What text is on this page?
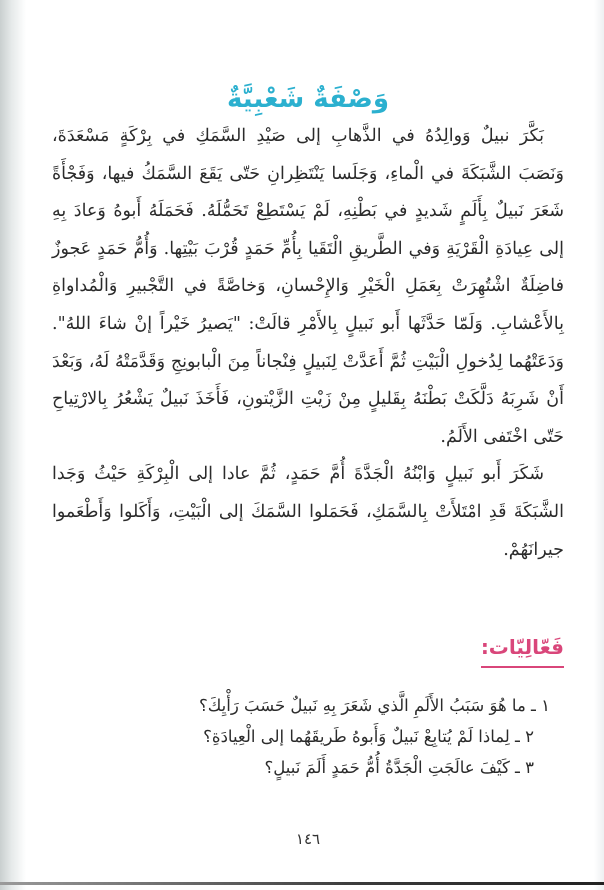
وَصْفَةٌ شَعْبِيَّةٌ

بَكَّرَ نبيلٌ وَوالِدُهُ في الذَّهابِ إلى صَيْدِ السَّمَكِ في بِرْكَةٍ مَسْعَدَةَ، وَنَصَبَ الشَّبَكَةَ في الْماءِ، وَجَلَسا يَنْتَظِرانِ حَتّى يَقَعَ السَّمَكُ فيها، وَفَجْأَةً شَعَرَ نَبيلٌ بِأَلَمٍ شَديدٍ في بَطْنِهِ، لَمْ يَسْتَطِعْ تَحَمُّلَهُ. فَحَمَلَهُ أَبوهُ وَعادَ بِهِ إلى عِيادَةِ الْقَرْيَةِ وَفي الطَّريقِ الْتَقَيا بِأُمِّ حَمَدٍ قُرْبَ بَيْتِها. وَأُمُّ حَمَدٍ عَجوزٌ فاضِلَةٌ اشْتُهِرَتْ بِعَمَلِ الْخَيْرِ وَالإِحْسانِ، وَخاصَّةً في التَّجْبيرِ وَالْمُداواةِ بِالأَعْشابِ. وَلَمّا حَدَّثَها أَبو نَبيلٍ بِالأَمْرِ قالَتْ: "يَصيرُ خَيْراً إنْ شاءَ اللهُ". وَدَعَتْهُما لِدُخولِ الْبَيْتِ ثُمَّ أَعَدَّتْ لِنَبيلٍ فِنْجاناً مِنَ الْبابونِجِ وَقَدَّمَتْهُ لَهُ، وَبَعْدَ أَنْ شَرِبَهُ دَلَّكَتْ بَطْنَهُ بِقَليلٍ مِنْ زَيْتِ الزَّيْتونِ، فَأَخَذَ نَبيلٌ يَشْعُرُ بِالارْتِياحِ حَتّى اخْتَفى الأَلَمُ.

شَكَرَ أَبو نَبيلٍ وَابْنُهُ الْجَدَّةَ أُمَّ حَمَدٍ، ثُمَّ عادا إلى الْبِرْكَةِ حَيْثُ وَجَدا الشَّبَكَةَ قَدِ امْتَلأَتْ بِالسَّمَكِ، فَحَمَلوا السَّمَكَ إلى الْبَيْتِ، وَأَكَلوا وَأَطْعَموا جيرانَهُمْ.

فَعّالِيّات:
١ ـ ما هُوَ سَبَبُ الأَلَمِ الَّذي شَعَرَ بِهِ نَبيلٌ حَسَبَ رَأْيِكَ؟
٢ ـ لِماذا لَمْ يُتابِعْ نَبيلٌ وَأَبوهُ طَريقَهُما إلى الْعِيادَةِ؟
٣ ـ كَيْفَ عالَجَتِ الْجَدَّةُ أُمُّ حَمَدٍ أَلَمَ نَبيلٍ؟
١٤٦
